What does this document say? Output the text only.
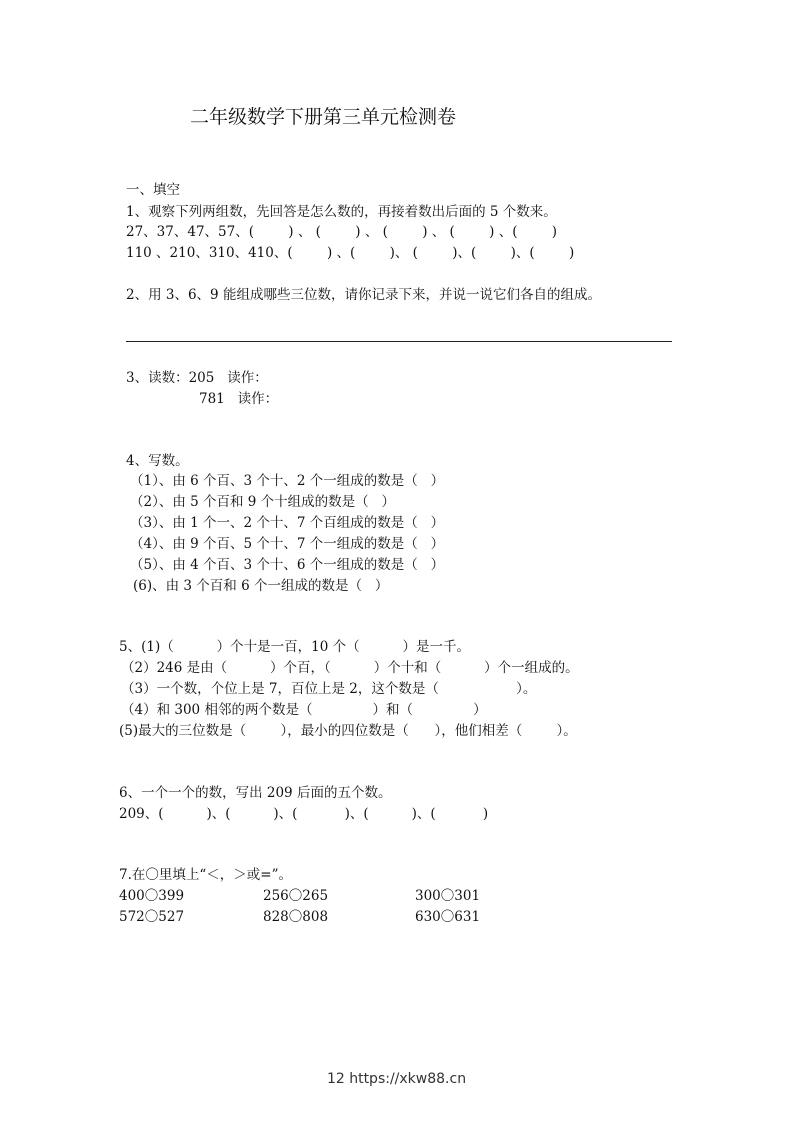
二年级数学下册第三单元检测卷
一、填空
1、观察下列两组数，先回答是怎么数的，再接着数出后面的 5 个数来。
27、37、47、57、(        ) 、 (        ) 、 (        ) 、 (        ) 、(        )
110 、210、310、410、(        ) 、(        )、 (        )、(        )、(        )
2、用 3、6、9 能组成哪些三位数，请你记录下来，并说一说它们各自的组成。
3、读数：205   读作：
781   读作：
4、写数。
（1）、由 6 个百、3 个十、2 个一组成的数是（   ）
（2）、由 5 个百和 9 个十组成的数是（   ）
（3）、由 1 个一、2 个十、7 个百组成的数是（   ）
（4）、由 9 个百、5 个十、7 个一组成的数是（   ）
（5）、由 4 个百、3 个十、6 个一组成的数是（   ）
(6)、由 3 个百和 6 个一组成的数是（   ）
5、(1)（          ）个十是一百，10 个（          ）是一千。
（2）246 是由（          ）个百，（          ）个十和（          ）个一组成的。
（3）一个数，个位上是 7，百位上是 2，这个数是（                  ）。
（4）和 300 相邻的两个数是（              ）和（              ）
(5)最大的三位数是（        ），最小的四位数是（      ），他们相差（        ）。
6、一个一个的数，写出 209 后面的五个数。
209、(          )、(          )、(           )、(          )、(           )
7.在〇里填上“＜，＞或=”。
400〇399	256〇265	300〇301
572〇527	828〇808	630〇631
12 https://xkw88.cn
